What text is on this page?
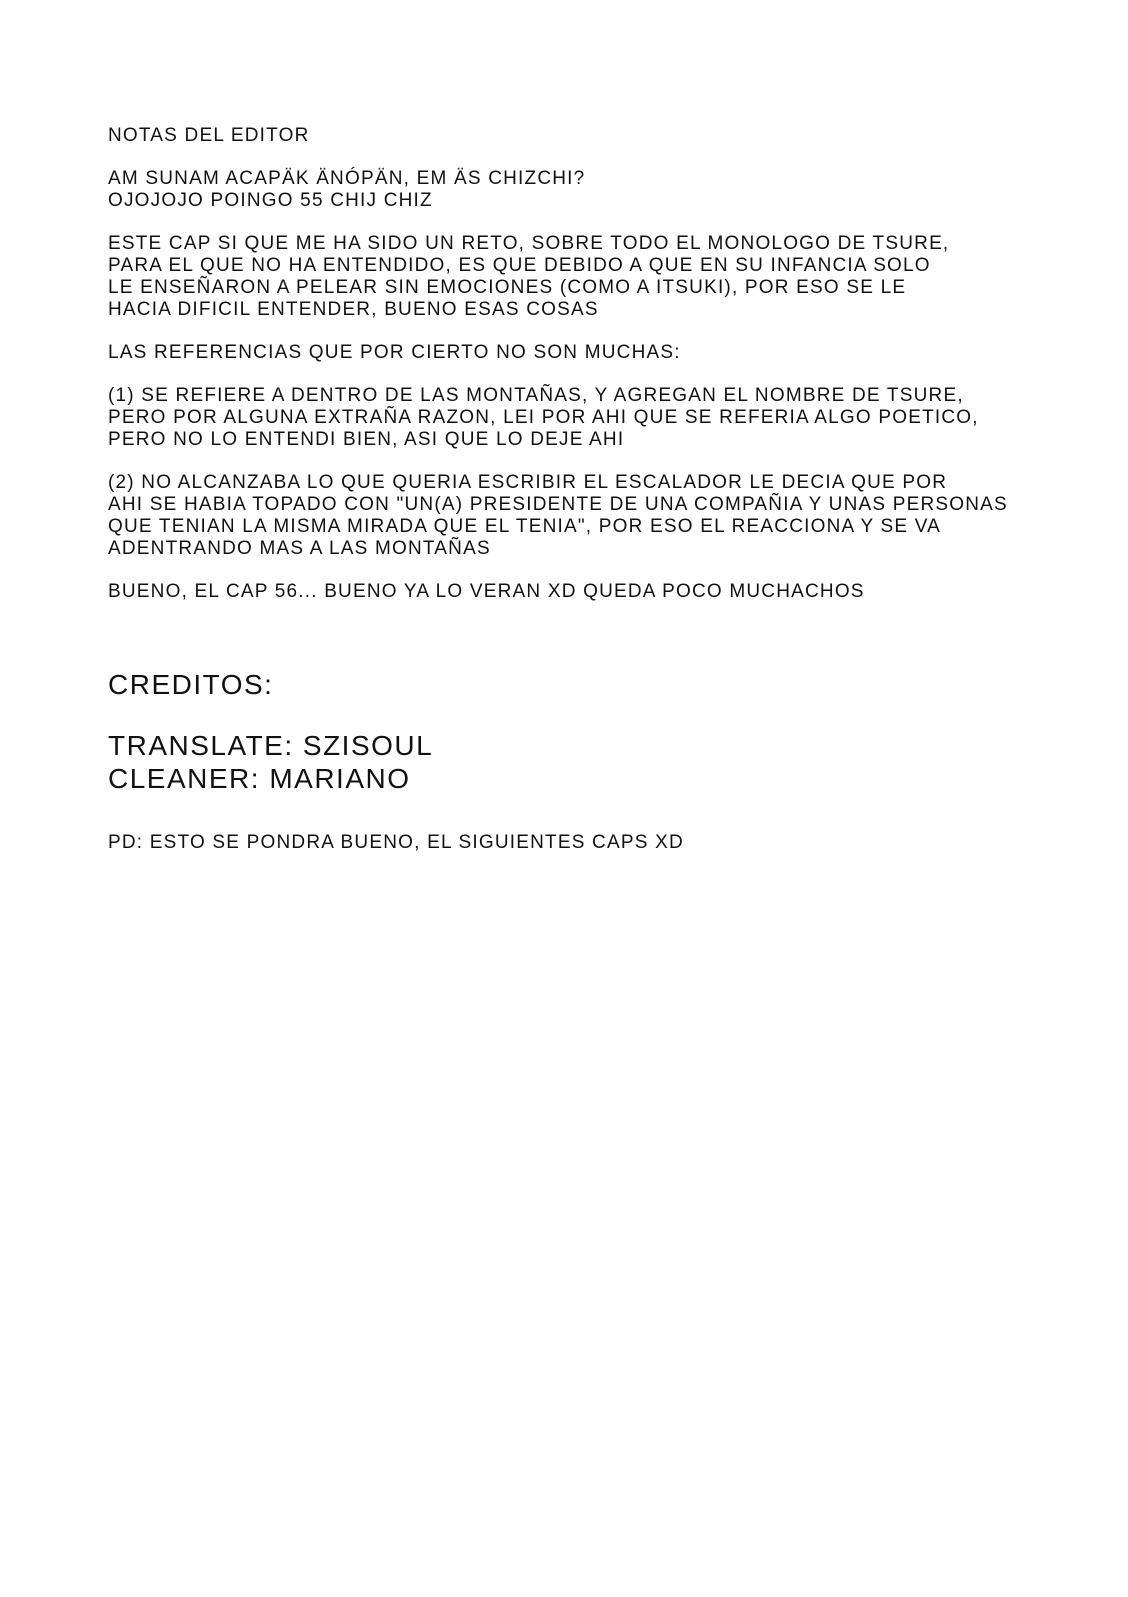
NOTAS DEL EDITOR
AM SUNAM ACAPÄK ÄNÓPÄN, EM ÄS CHIZCHI?
OJOJOJO POINGO 55 CHIJ CHIZ
ESTE CAP SI QUE ME HA SIDO UN RETO, SOBRE TODO EL MONOLOGO DE TSURE,
PARA EL QUE NO HA ENTENDIDO, ES QUE DEBIDO A QUE EN SU INFANCIA SOLO
LE ENSEÑARON A PELEAR SIN EMOCIONES (COMO A ITSUKI), POR ESO SE LE
HACIA DIFICIL ENTENDER, BUENO ESAS COSAS
LAS REFERENCIAS QUE POR CIERTO NO SON MUCHAS:
(1) SE REFIERE A DENTRO DE LAS MONTAÑAS, Y AGREGAN EL NOMBRE DE TSURE,
PERO POR ALGUNA EXTRAÑA RAZON, LEI POR AHI QUE SE REFERIA ALGO POETICO,
PERO NO LO ENTENDI BIEN, ASI QUE LO DEJE AHI
(2) NO ALCANZABA LO QUE QUERIA ESCRIBIR EL ESCALADOR LE DECIA QUE POR
AHI SE HABIA TOPADO CON "UN(A) PRESIDENTE DE UNA COMPAÑIA Y UNAS PERSONAS
QUE TENIAN LA MISMA MIRADA QUE EL TENIA", POR ESO EL REACCIONA Y SE VA
ADENTRANDO MAS A LAS MONTAÑAS
BUENO, EL CAP 56... BUENO YA LO VERAN XD QUEDA POCO MUCHACHOS
CREDITOS:
TRANSLATE: SZISOUL
CLEANER: MARIANO
PD: ESTO SE PONDRA BUENO, EL SIGUIENTES CAPS XD
